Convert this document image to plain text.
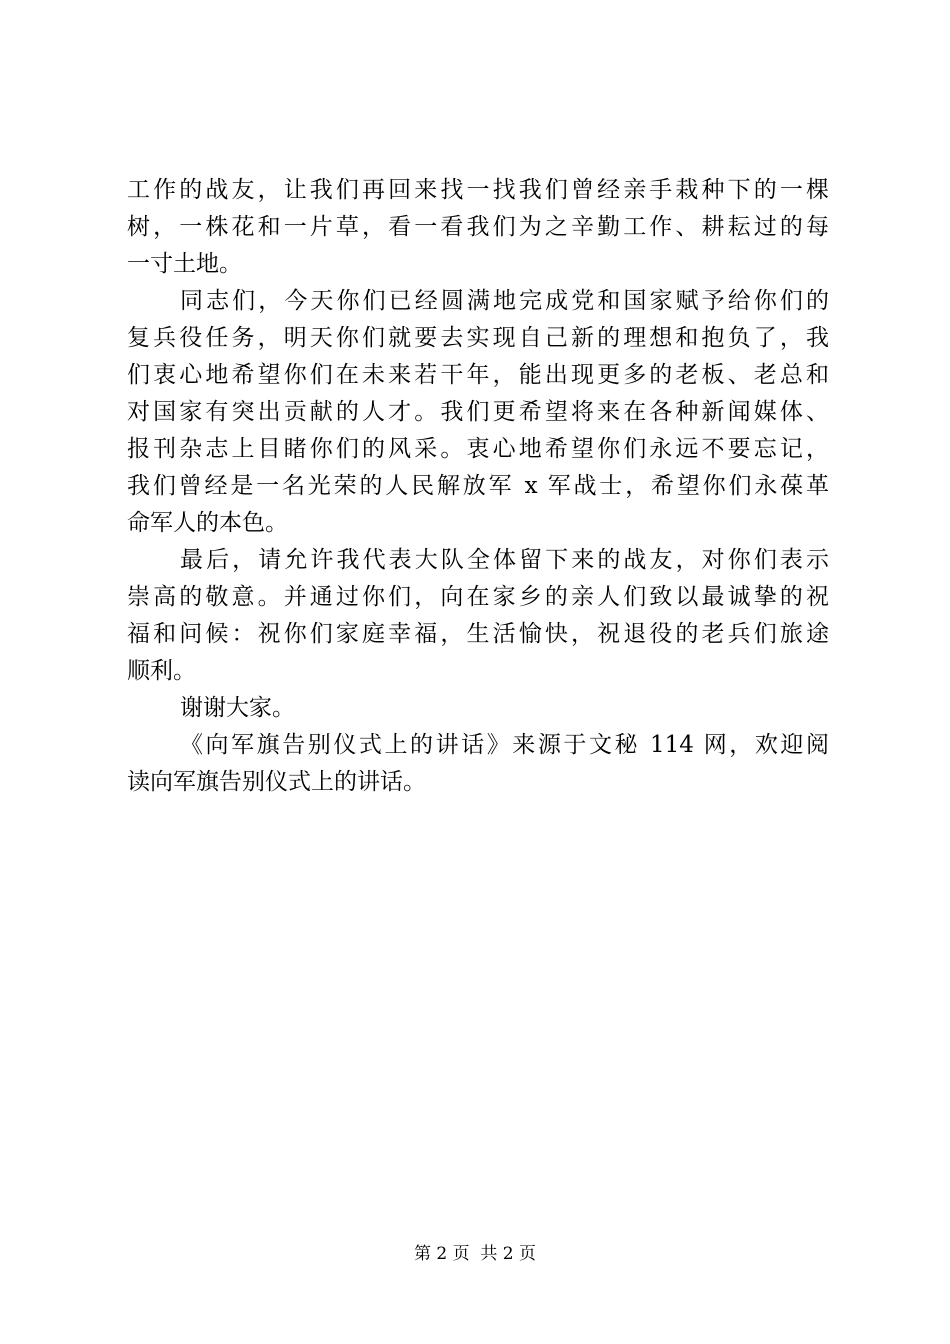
工作的战友，让我们再回来找一找我们曾经亲手栽种下的一棵
树，一株花和一片草，看一看我们为之辛勤工作、耕耘过的每
一寸土地。
同志们，今天你们已经圆满地完成党和国家赋予给你们的
复兵役任务，明天你们就要去实现自己新的理想和抱负了，我
们衷心地希望你们在未来若干年，能出现更多的老板、老总和
对国家有突出贡献的人才。我们更希望将来在各种新闻媒体、
报刊杂志上目睹你们的风采。衷心地希望你们永远不要忘记，
我们曾经是一名光荣的人民解放军 x 军战士，希望你们永葆革
命军人的本色。
最后，请允许我代表大队全体留下来的战友，对你们表示
崇高的敬意。并通过你们，向在家乡的亲人们致以最诚挚的祝
福和问候：祝你们家庭幸福，生活愉快，祝退役的老兵们旅途
顺利。
谢谢大家。
《向军旗告别仪式上的讲话》来源于文秘 114 网，欢迎阅
读向军旗告别仪式上的讲话。
第 2 页  共 2 页
